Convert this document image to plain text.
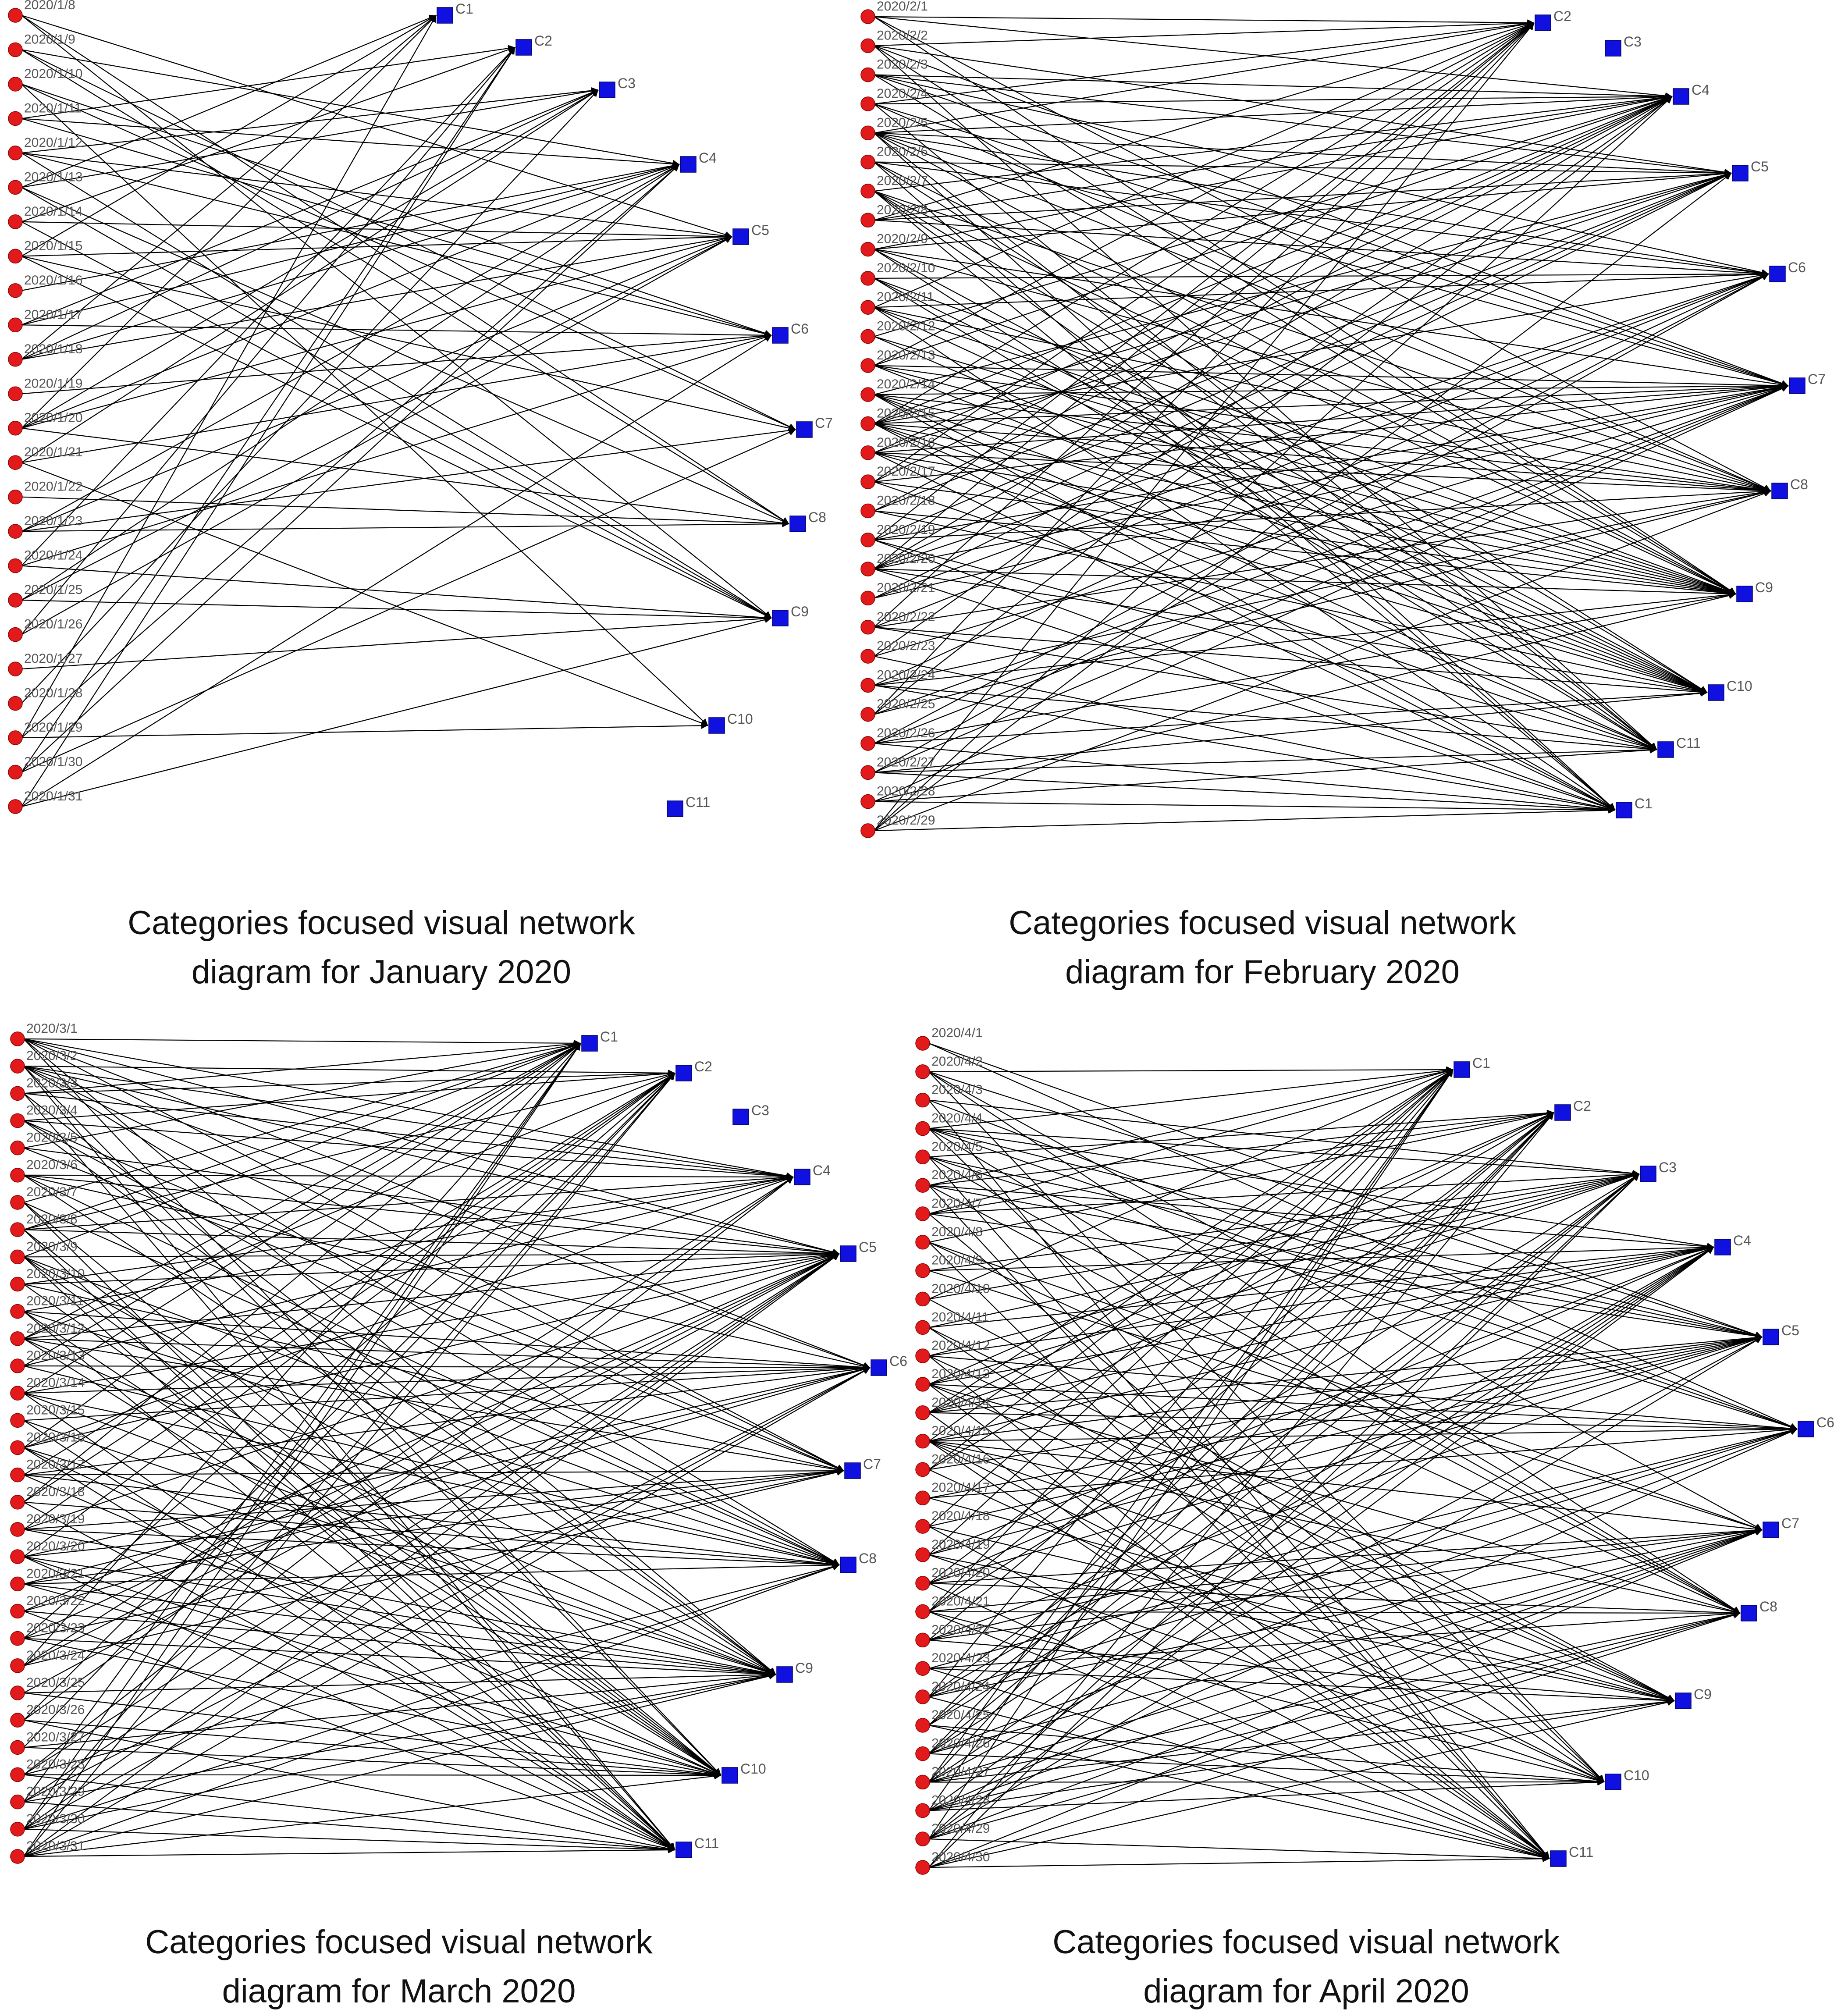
2020/1/8
2020/1/9
2020/1/10
2020/1/11
2020/1/12
2020/1/13
2020/1/14
2020/1/15
2020/1/16
2020/1/17
2020/1/18
2020/1/19
2020/1/20
2020/1/21
2020/1/22
2020/1/23
2020/1/24
2020/1/25
2020/1/26
2020/1/27
2020/1/28
2020/1/29
2020/1/30
2020/1/31
C1
C2
C3
C4
C5
C6
C7
C8
C9
C10
C11
Categories focused visual network
diagram for January 2020
2020/2/1
2020/2/2
2020/2/3
2020/2/4
2020/2/5
2020/2/6
2020/2/7
2020/2/8
2020/2/9
2020/2/10
2020/2/11
2020/2/12
2020/2/13
2020/2/14
2020/2/15
2020/2/16
2020/2/17
2020/2/18
2020/2/19
2020/2/20
2020/2/21
2020/2/22
2020/2/23
2020/2/24
2020/2/25
2020/2/26
2020/2/27
2020/2/28
2020/2/29
C2
C3
C4
C5
C6
C7
C8
C9
C10
C11
C1
Categories focused visual network
diagram for February 2020
2020/3/1
2020/3/2
2020/3/3
2020/3/4
2020/3/5
2020/3/6
2020/3/7
2020/3/8
2020/3/9
2020/3/10
2020/3/11
2020/3/12
2020/3/13
2020/3/14
2020/3/15
2020/3/16
2020/3/17
2020/3/18
2020/3/19
2020/3/20
2020/3/21
2020/3/22
2020/3/23
2020/3/24
2020/3/25
2020/3/26
2020/3/27
2020/3/28
2020/3/29
2020/3/30
2020/3/31
C1
C2
C3
C4
C5
C6
C7
C8
C9
C10
C11
Categories focused visual network
diagram for March 2020
2020/4/1
2020/4/2
2020/4/3
2020/4/4
2020/4/5
2020/4/6
2020/4/7
2020/4/8
2020/4/9
2020/4/10
2020/4/11
2020/4/12
2020/4/13
2020/4/14
2020/4/15
2020/4/16
2020/4/17
2020/4/18
2020/4/19
2020/4/20
2020/4/21
2020/4/22
2020/4/23
2020/4/24
2020/4/25
2020/4/26
2020/4/27
2020/4/28
2020/4/29
2020/4/30
C1
C2
C3
C4
C5
C6
C7
C8
C9
C10
C11
Categories focused visual network
diagram for April 2020
